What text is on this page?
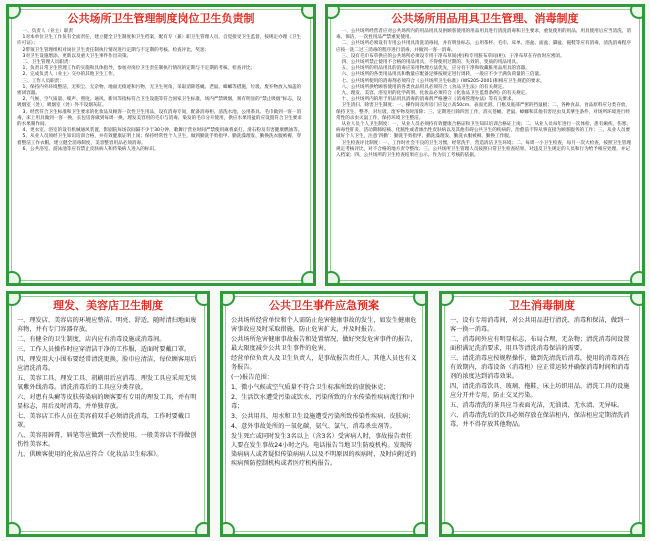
公共场所卫生管理制度岗位卫生负责制

一、负责人（业主）职责

1对本单位卫生工作负有全面责任，建立健全卫生制度和卫生档案，配有专（兼）职卫生管理人员，自觉接受卫生监督，按规定办理《卫生许可证》；

2带领卫生管理组织对岗位卫生责任制执行情况进行定期与不定期的考核、检查评比，奖惩；

3对卫生设施增添、更新以及重大卫生事件作出决策。

二、卫生管理人员职责：

1、负责日常卫生管理工作的实施和具体指导，参加对岗位卫生责任制执行情况的定期与不定期的考核、检查评比；

2、完成负责人（业主）交办的其他卫生工作。

三、工作人员职责：

1、保持内外环境整洁，无积尘、无杂物、地面无痰迹和污物，无卫生死角，采取消除苍蝇、老鼠、蟑螂等措施，垃圾、废弃物放入加盖的密闭容器。

2、气候、空气质量、噪声、照度、通风、新风等指标符合卫生设施等符合国家卫生标准，场内严禁吸烟，须有明显的“禁止吸烟”标志，设吸烟室（处），吸烟室（处）外不设烟灰缸。

3、经营符合卫生标准和卫生要求的化妆品及顾客一次性卫生用品，设有消毒专间，配备消毒柜、清洗水池，公用茶具、毛巾做到一客一消毒，床上用具做到一客一换，长包房客做到每周一换，理发美容用的毛巾与消毒、染发的毛巾分开使用，供应水果用盆的应设置符合卫生要求的水果制作间。

4、更衣室、浴室的设有机械通风装置，影剧院每场次间隔不少于30分钟，歌舞厅营业时间严禁使用麻将桌打、滑石粉及有害健康燃油等。

5、从业人员须经卫生知识培训合格，并有效健康证明上岗；保持经常性个人卫生，做到勤洗手剪指甲、勤洗澡理发、勤换洗衣服被褥，穿着整洁工作衣帽，建立健全消毒制度，美容整容用品必须消毒。

6、公共浴室、游泳池等应有禁止皮肤病人和传染病人进入的标识。

公共场所用品用具卫生管理、消毒制度

一、公共场所经营者应对公共场所内的用品用具及供顾客使用的用品用具进行清洗消毒和卫生要求，重复使用的用品、用具使用后应当清洗、消毒、保洁，一次性用品严禁重复使用。

二、公共场所必须设有专用公共用具清洗消毒间，并有明显标志，公用茶杯、毛巾、床单、浴盆、面盆、脚盆、拖鞋等应有消毒，清洗消毒程序应按一洗二过三消毒的程序进行消毒，并做到一客一消毒。

三、设有毛巾布草供应的公共场所必须设专用干净布草间(柜)和专用脏布草间(柜)，干净布草在存放时应密闭。

四、公共场所禁止使用不合格的用品用具，不得使用过期的、失效的、变质的用品用具。

五、公共场所的用品用具的消毒应采用物理方法优先，应分有干净和收藏脏用品用具的容器。

六、公共场所的各类用品用具和数量应配备足够按规定进行周转，一般应不少于满负荷量的三倍量。

七、公共场所使用的消毒剂必须符合《公共场所卫生标准》(WS205-2001)和相应卫生规范的要求。

八、公共场所供给顾客使用的各类食品用具必须符合《食品卫生法》的有关规定。

九、理发、美容、浴室用的化学药剂、化妆品必须符合《化妆品卫生监督条例》的有关规定。

十、公共场所内的用于用品用具消毒的消毒剂严格遵守《消毒管理办法》等有关要求。

卫生清扫、除害卫生制度：一、操作间及库房门应设立高50cm、表面光滑、门框及底部严密的挡鼠板；二、各种食品、食品原料应分类存放，保持卫生、整齐，对垃圾、废弃物及时清除；三、定期进行除四害工作，消灭苍蝇、老鼠、蟑螂和其他有害昆虫及其孳生条件，对场所环境进行经常性的杀虫灭鼠工作，保持环境卫生整洁。

从业人员个人卫生制度：一、从业人员必须持有效健康合格证和卫生知识培训合格证上岗；二、从业人员每年进行一次体检，患有痢疾、伤寒、病毒性肝炎、活动期肺结核、化脓性或者渗出性皮肤病以及其他有碍公共卫生的疾病的，治愈前不得从事直接为顾客服务的工作；三、从业人员要做好个人卫生，注意‘四勤’：勤洗手剪指甲、勤洗澡理发、勤洗衣服被褥、勤换工作服。

卫生检查评比制度：一、工作时社会不良的卫生习惯，经常洗手，营造清洁卫生环境；二、每周一小卫生检查，每月一次大检查，按照卫生管理规定考核评比，对不合格的地方责令整改；三、公共场所卫生管理人员按照日常卫生检查结果，对违反卫生规定的人员和行为给予相应处理，并记入档案；四、公共场所的卫生检查结果应公示，作为员工考核的依据。

理发、美容店卫生制度

一、理发店、美容店的环境应整洁、明亮、舒适，随时清扫地面废弃物，并有专门容器存放。

二、有健全的卫生制度，店内应有消毒设施或消毒间。

三、工作人员操作时应穿清洁干净的工作服，适面时要戴口罩。

四、理发用大小围布要经常清洗更换，脸巾应清洁，每位顾客用后应清洗消毒。

五、美容工具、理发工具、胡刷用后应消毒。理发工具应采用无臭氧紫外线消毒。清洗消毒后的工具应分类存放。

六、对患有头癣等皮肤传染病的顾客要有专用的理发工具，并有明显标志，用后及时消毒，并单独存放。

七、美容店工作人员在美容前双手必须清洗消毒，工作时要戴口罩。

八、美容用唇膏、唇笔等应做到一次性使用。一般美容店不得做创伤性美容术。

九、供顾客使用的化妆品应符合《化妆品卫生标准》。

公共卫生事件应急预案

公共场所经营单位和个人需防止危害健康事故的发生，如发生健康危害事故应及时采取措施，防止危害扩大，并及时报告。

公共场所危害健康事故报告和处置情况，做好突发危害事件的报告，最大限度减少公共卫生事件的危害。

经营单位负责人及卫生负责人，是事故报告责任人，其他人员也有义务报告。

(一)报告范围：

1、微小气候或空气质量不符合卫生标准所致的虚脱休克；

2、生活饮水遭受污染或饮水，污染所致的介水传染性疾病流行和中毒；

3、公共用具、用水和卫生设施遭受污染所致传染性疾病、皮肤病；

4、意外事故处所的一氧化碳、氨气、氯气、消毒杀虫剂等。

发生死亡或同时发生3名以上（含3名）受害病人时，事故报告责任人要在发生事故24小时之内，电话报告当地卫生防疫机构。发现传染病病人或者疑似传染病病人以及不明原因的疾病时，及时向附近的疾病预防控制机构或者医疗机构报告。

卫生消毒制度

一、设有专用消毒间，对公共用品进行清洗、消毒和保洁，做到一客一换一消毒。

二、消毒间外应有明显标志，布局合理，无杂物；清洗消毒间设置面积满足洗消要求，用具等清洗消毒保洁的需要。

三、清洗消毒应按规程操作，做到先清洗后消毒，使用的消毒剂在有效期内，消毒设备（消毒柜）应正常运转并确保消毒时间和消毒剂的浓度达到消毒效果。

四、清洗消毒饮具、玻璃、拖鞋、床上坊织用品、清洗工具的设施应分开并专用，防止交叉污染。

五、消毒清洗的茶具应当表面光洁，无油渍、无水渍、无异味。

六、消毒清洗后的饮具必须存放在保洁柜内，保洁柜应定期清洗消毒，并不得存放其他物品。
